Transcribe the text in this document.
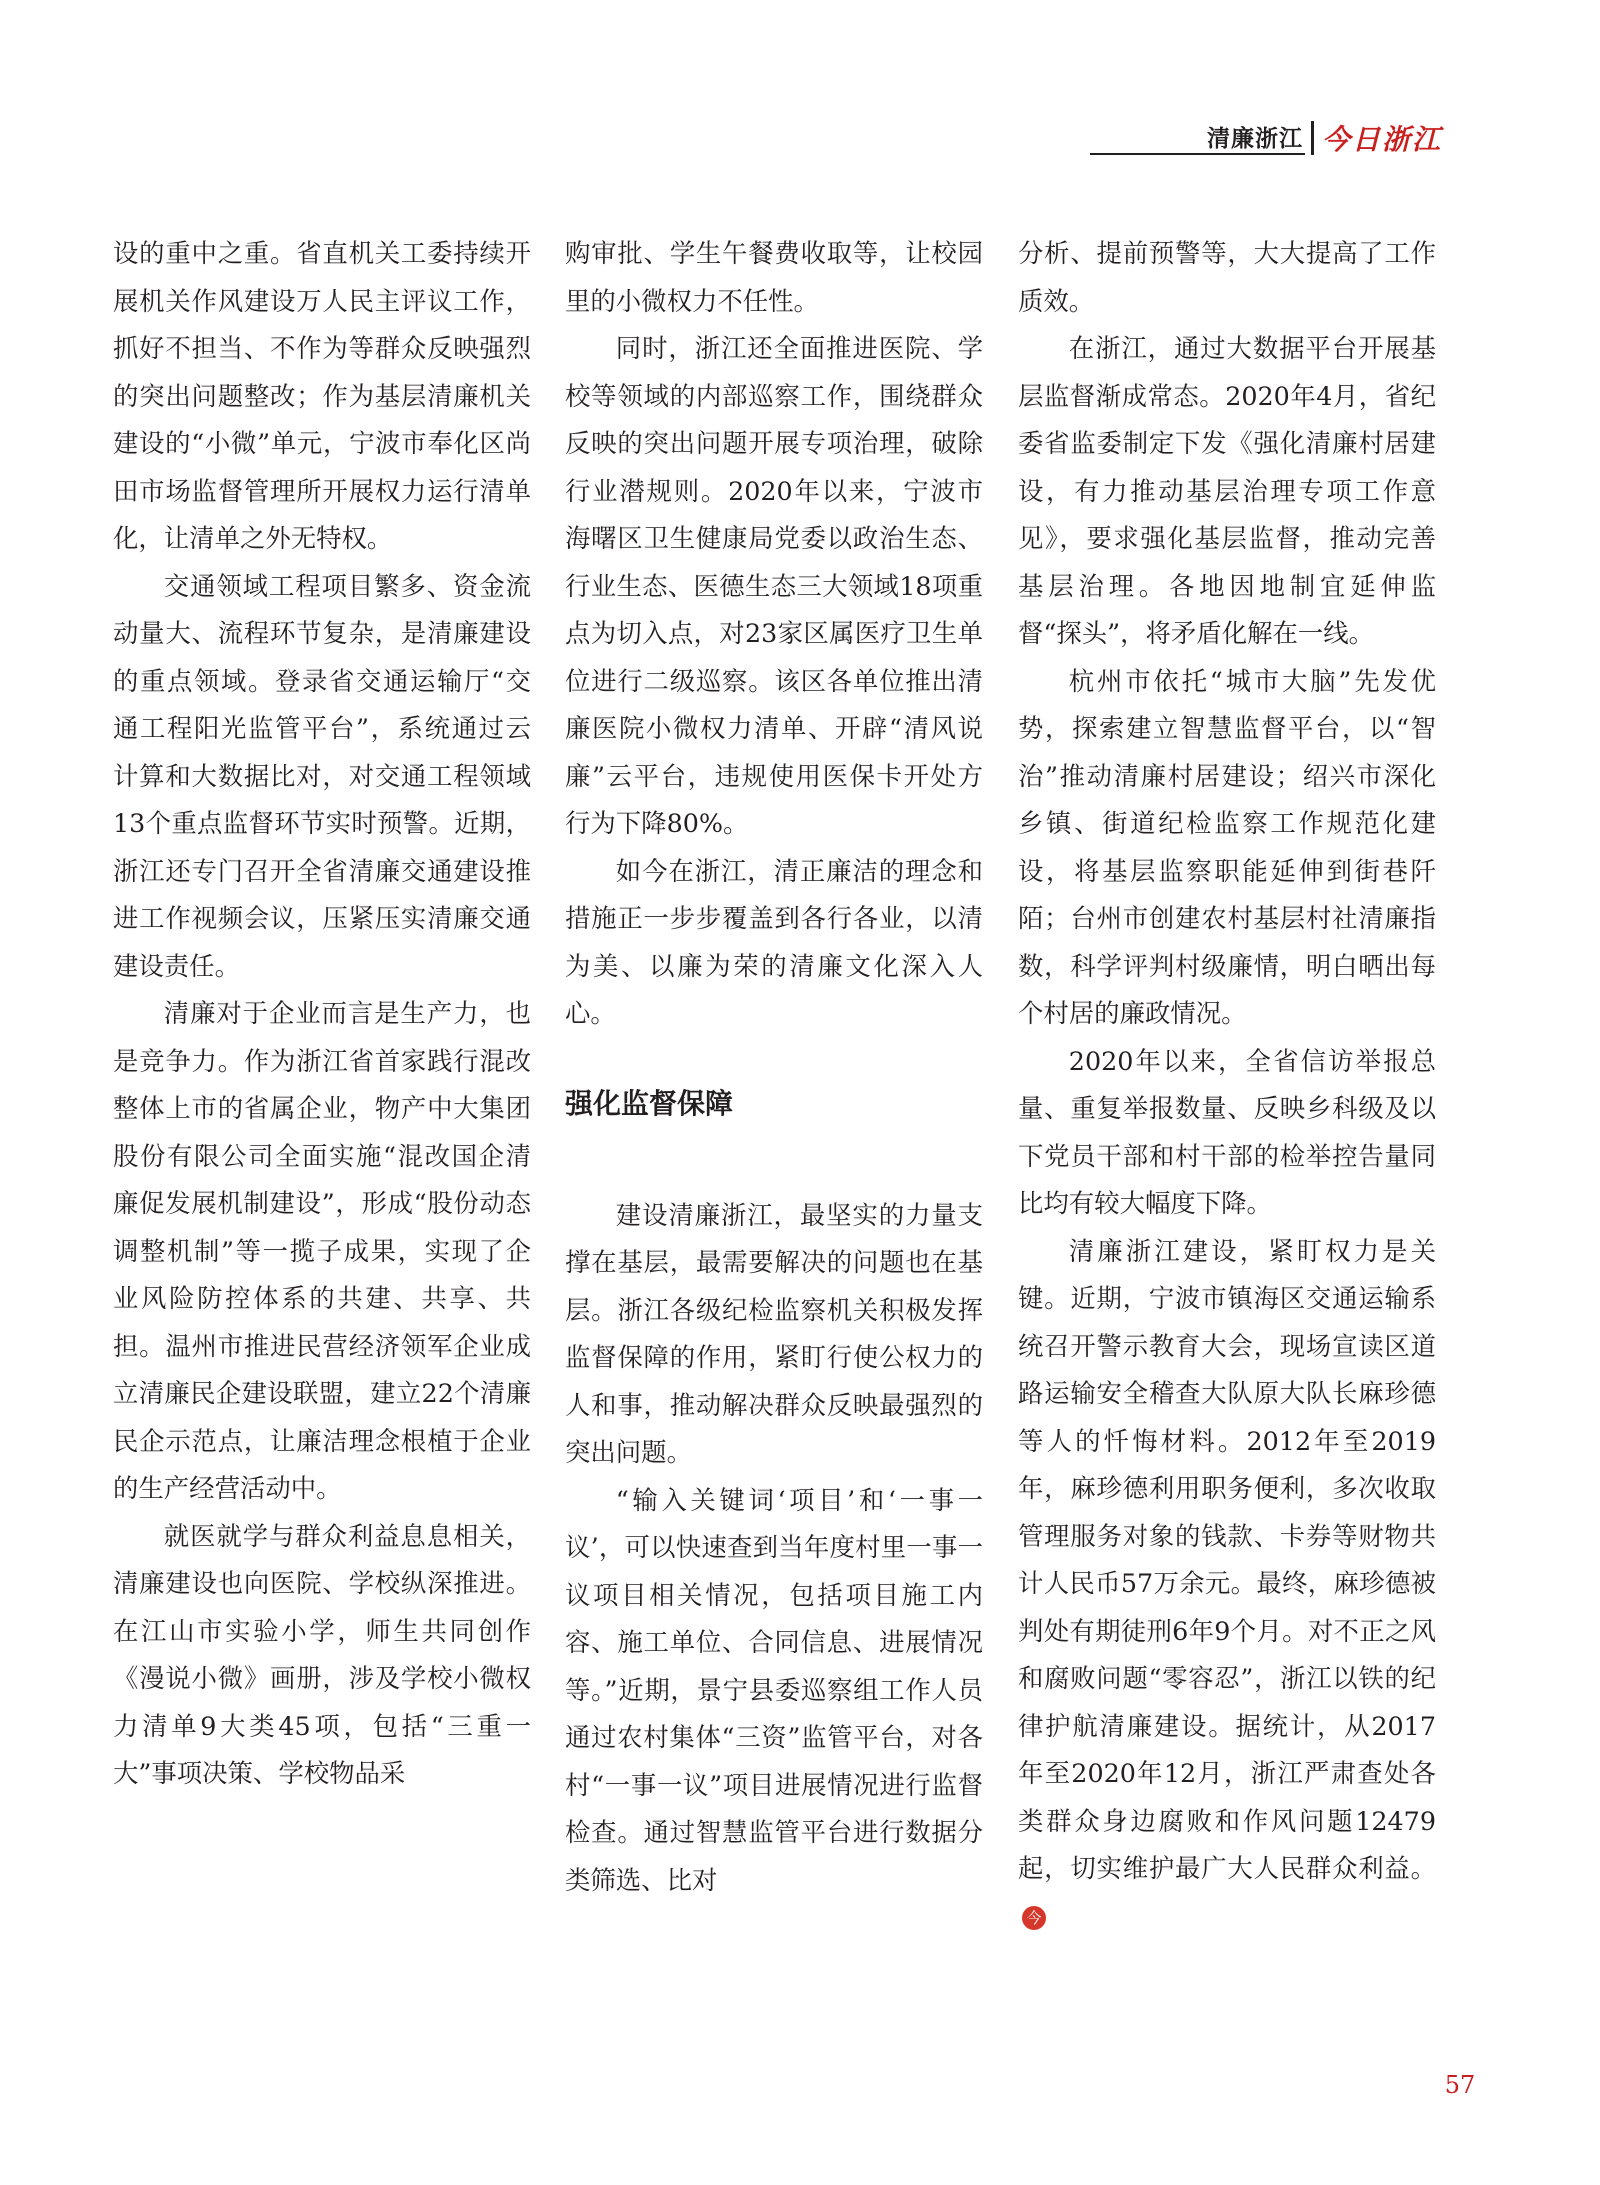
清廉浙江 今日浙江

设的重中之重。省直机关工委持续开展机关作风建设万人民主评议工作，抓好不担当、不作为等群众反映强烈的突出问题整改；作为基层清廉机关建设的“小微”单元，宁波市奉化区尚田市场监督管理所开展权力运行清单化，让清单之外无特权。

交通领域工程项目繁多、资金流动量大、流程环节复杂，是清廉建设的重点领域。登录省交通运输厅“交通工程阳光监管平台”，系统通过云计算和大数据比对，对交通工程领域13个重点监督环节实时预警。近期，浙江还专门召开全省清廉交通建设推进工作视频会议，压紧压实清廉交通建设责任。

清廉对于企业而言是生产力，也是竞争力。作为浙江省首家践行混改整体上市的省属企业，物产中大集团股份有限公司全面实施“混改国企清廉促发展机制建设”，形成“股份动态调整机制”等一揽子成果，实现了企业风险防控体系的共建、共享、共担。温州市推进民营经济领军企业成立清廉民企建设联盟，建立22个清廉民企示范点，让廉洁理念根植于企业的生产经营活动中。

就医就学与群众利益息息相关，清廉建设也向医院、学校纵深推进。在江山市实验小学，师生共同创作《漫说小微》画册，涉及学校小微权力清单9大类45项，包括“三重一大”事项决策、学校物品采

购审批、学生午餐费收取等，让校园里的小微权力不任性。

同时，浙江还全面推进医院、学校等领域的内部巡察工作，围绕群众反映的突出问题开展专项治理，破除行业潜规则。2020年以来，宁波市海曙区卫生健康局党委以政治生态、行业生态、医德生态三大领域18项重点为切入点，对23家区属医疗卫生单位进行二级巡察。该区各单位推出清廉医院小微权力清单、开辟“清风说廉”云平台，违规使用医保卡开处方行为下降80%。

如今在浙江，清正廉洁的理念和措施正一步步覆盖到各行各业，以清为美、以廉为荣的清廉文化深入人心。

强化监督保障

建设清廉浙江，最坚实的力量支撑在基层，最需要解决的问题也在基层。浙江各级纪检监察机关积极发挥监督保障的作用，紧盯行使公权力的人和事，推动解决群众反映最强烈的突出问题。

“输入关键词‘项目’和‘一事一议’，可以快速查到当年度村里一事一议项目相关情况，包括项目施工内容、施工单位、合同信息、进展情况等。”近期，景宁县委巡察组工作人员通过农村集体“三资”监管平台，对各村“一事一议”项目进展情况进行监督检查。通过智慧监管平台进行数据分类筛选、比对

分析、提前预警等，大大提高了工作质效。

在浙江，通过大数据平台开展基层监督渐成常态。2020年4月，省纪委省监委制定下发《强化清廉村居建设，有力推动基层治理专项工作意见》，要求强化基层监督，推动完善基层治理。各地因地制宜延伸监督“探头”，将矛盾化解在一线。

杭州市依托“城市大脑”先发优势，探索建立智慧监督平台，以“智治”推动清廉村居建设；绍兴市深化乡镇、街道纪检监察工作规范化建设，将基层监察职能延伸到街巷阡陌；台州市创建农村基层村社清廉指数，科学评判村级廉情，明白晒出每个村居的廉政情况。

2020年以来，全省信访举报总量、重复举报数量、反映乡科级及以下党员干部和村干部的检举控告量同比均有较大幅度下降。

清廉浙江建设，紧盯权力是关键。近期，宁波市镇海区交通运输系统召开警示教育大会，现场宣读区道路运输安全稽查大队原大队长麻珍德等人的忏悔材料。2012年至2019年，麻珍德利用职务便利，多次收取管理服务对象的钱款、卡券等财物共计人民币57万余元。最终，麻珍德被判处有期徒刑6年9个月。对不正之风和腐败问题“零容忍”，浙江以铁的纪律护航清廉建设。据统计，从2017年至2020年12月，浙江严肃查处各类群众身边腐败和作风问题12479起，切实维护最广大人民群众利益。今

57
